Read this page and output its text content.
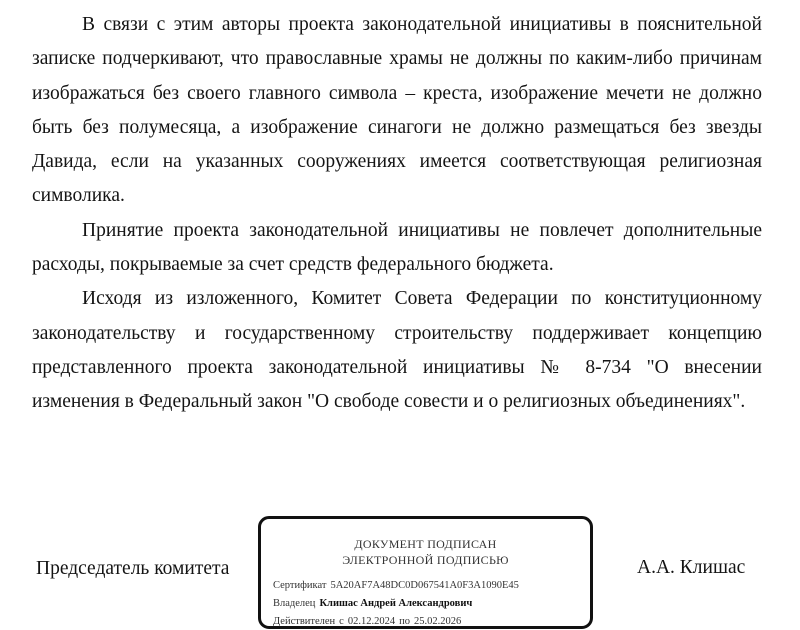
В связи с этим авторы проекта законодательной инициативы в пояснительной записке подчеркивают, что православные храмы не должны по каким-либо причинам изображаться без своего главного символа – креста, изображение мечети не должно быть без полумесяца, а изображение синагоги не должно размещаться без звезды Давида, если на указанных сооружениях имеется соответствующая религиозная символика.

Принятие проекта законодательной инициативы не повлечет дополнительные расходы, покрываемые за счет средств федерального бюджета.

Исходя из изложенного, Комитет Совета Федерации по конституционному законодательству и государственному строительству поддерживает концепцию представленного проекта законодательной инициативы № 8-734 "О внесении изменения в Федеральный закон "О свободе совести и о религиозных объединениях".

Председатель комитета
ДОКУМЕНТ ПОДПИСАН
ЭЛЕКТРОННОЙ ПОДПИСЬЮ
Сертификат 5A20AF7A48DC0D067541A0F3A1090E45
Владелец Клишас Андрей Александрович
Действителен с 02.12.2024 по 25.02.2026
А.А. Клишас
